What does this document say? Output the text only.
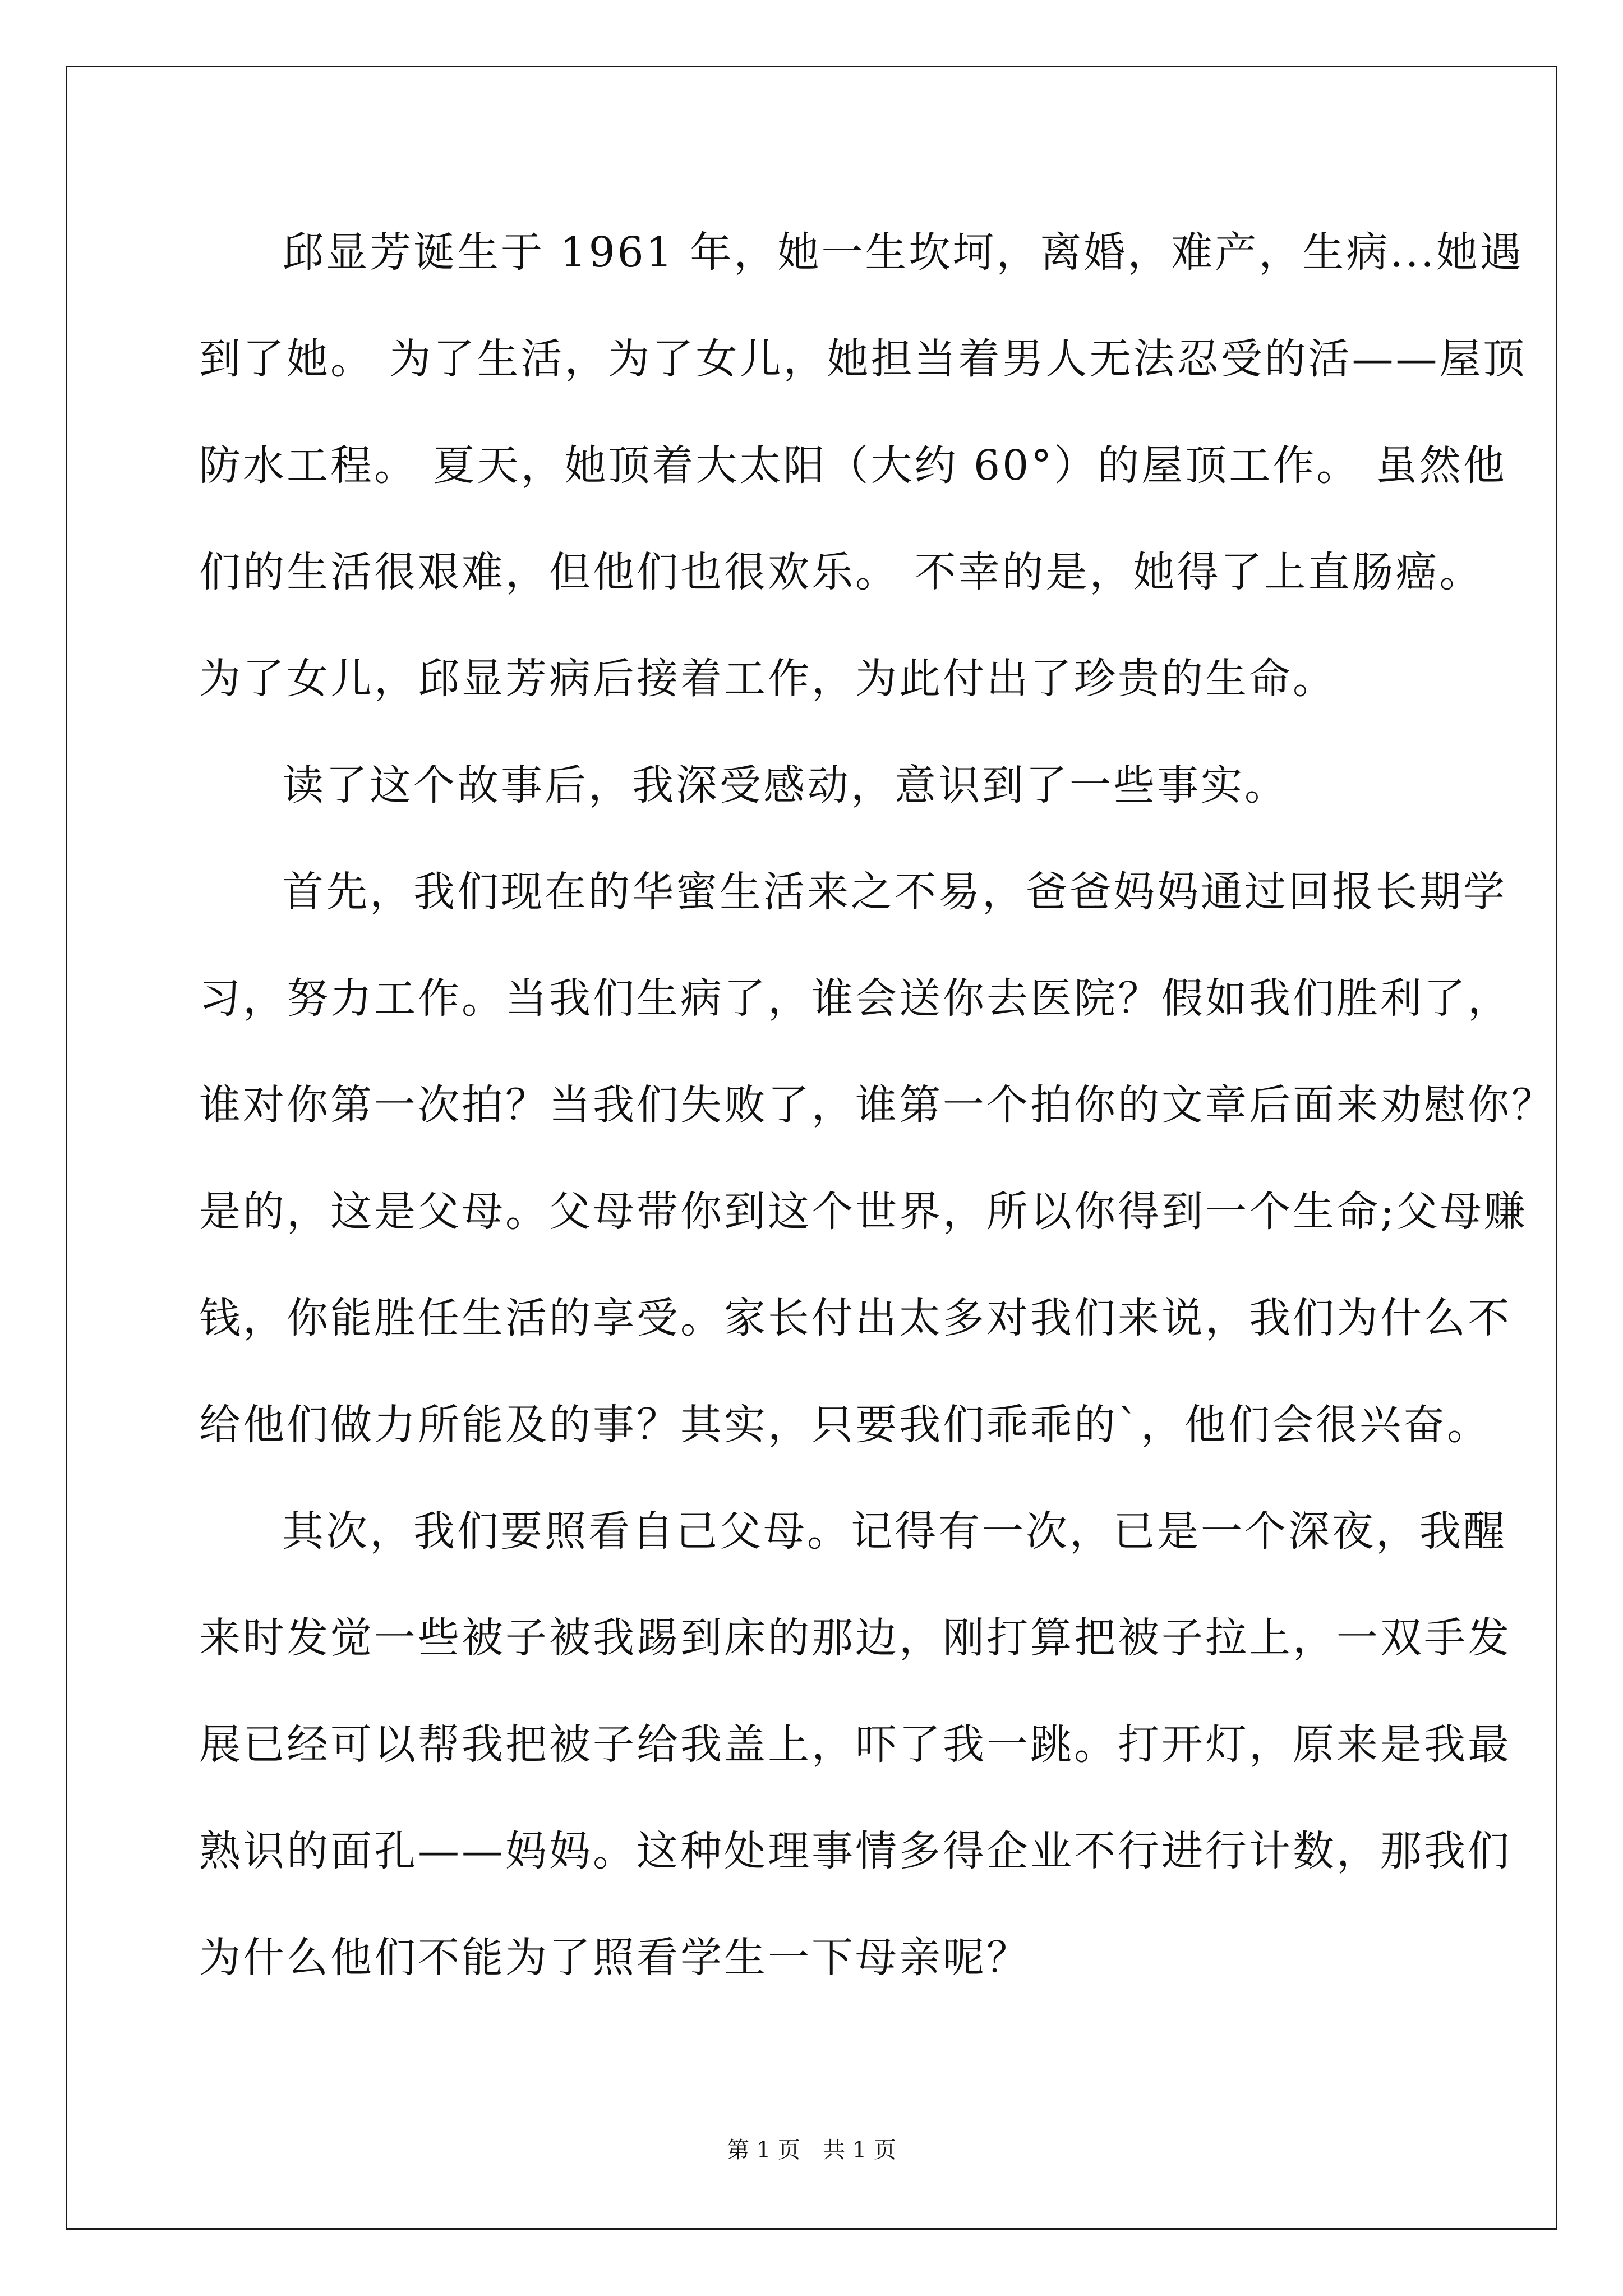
邱显芳诞生于 1961 年，她一生坎坷，离婚，难产，生病...她遇
到了她。 为了生活，为了女儿，她担当着男人无法忍受的活——屋顶
防水工程。 夏天，她顶着大太阳（大约 60°）的屋顶工作。 虽然他
们的生活很艰难，但他们也很欢乐。 不幸的是，她得了上直肠癌。
为了女儿，邱显芳病后接着工作，为此付出了珍贵的生命。
读了这个故事后，我深受感动，意识到了一些事实。
首先，我们现在的华蜜生活来之不易，爸爸妈妈通过回报长期学
习，努力工作。当我们生病了，谁会送你去医院？假如我们胜利了，
谁对你第一次拍？当我们失败了，谁第一个拍你的文章后面来劝慰你？
是的，这是父母。父母带你到这个世界，所以你得到一个生命;父母赚
钱，你能胜任生活的享受。家长付出太多对我们来说，我们为什么不
给他们做力所能及的事？其实，只要我们乖乖的`，他们会很兴奋。
其次，我们要照看自己父母。记得有一次，已是一个深夜，我醒
来时发觉一些被子被我踢到床的那边，刚打算把被子拉上，一双手发
展已经可以帮我把被子给我盖上，吓了我一跳。打开灯，原来是我最
熟识的面孔——妈妈。这种处理事情多得企业不行进行计数，那我们
为什么他们不能为了照看学生一下母亲呢？
第 1 页　共 1 页
